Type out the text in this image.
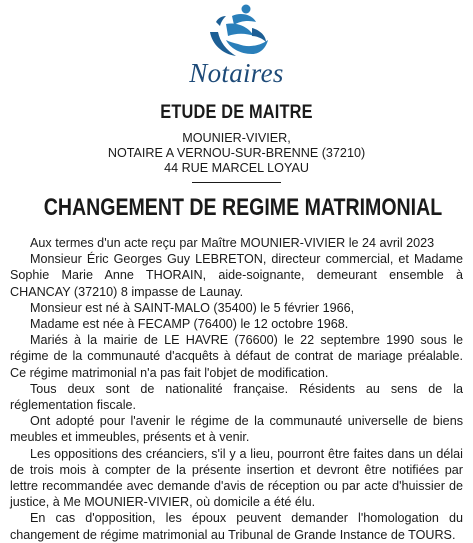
Notaires
ETUDE DE MAITRE
MOUNIER-VIVIER,
NOTAIRE A VERNOU-SUR-BRENNE (37210)
44 RUE MARCEL LOYAU
CHANGEMENT DE REGIME MATRIMONIAL

Aux termes d'un acte reçu par Maître MOUNIER-VIVIER le 24 avril 2023

Monsieur Éric Georges Guy LEBRETON, directeur commercial, et Madame Sophie Marie Anne THORAIN, aide-soignante, demeurant ensemble à CHANCAY (37210) 8 impasse de Launay.

Monsieur est né à SAINT-MALO (35400) le 5 février 1966,

Madame est née à FECAMP (76400) le 12 octobre 1968.

Mariés à la mairie de LE HAVRE (76600) le 22 septembre 1990 sous le régime de la communauté d'acquêts à défaut de contrat de mariage préalable. Ce régime matrimonial n'a pas fait l'objet de modification.

Tous deux sont de nationalité française. Résidents au sens de la réglementation fiscale.

Ont adopté pour l'avenir le régime de la communauté universelle de biens meubles et immeubles, présents et à venir.

Les oppositions des créanciers, s'il y a lieu, pourront être faites dans un délai de trois mois à compter de la présente insertion et devront être notifiées par lettre recommandée avec demande d'avis de réception ou par acte d'huissier de justice, à Me MOUNIER-VIVIER, où domicile a été élu.

En cas d'opposition, les époux peuvent demander l'homologation du changement de régime matrimonial au Tribunal de Grande Instance de TOURS.
